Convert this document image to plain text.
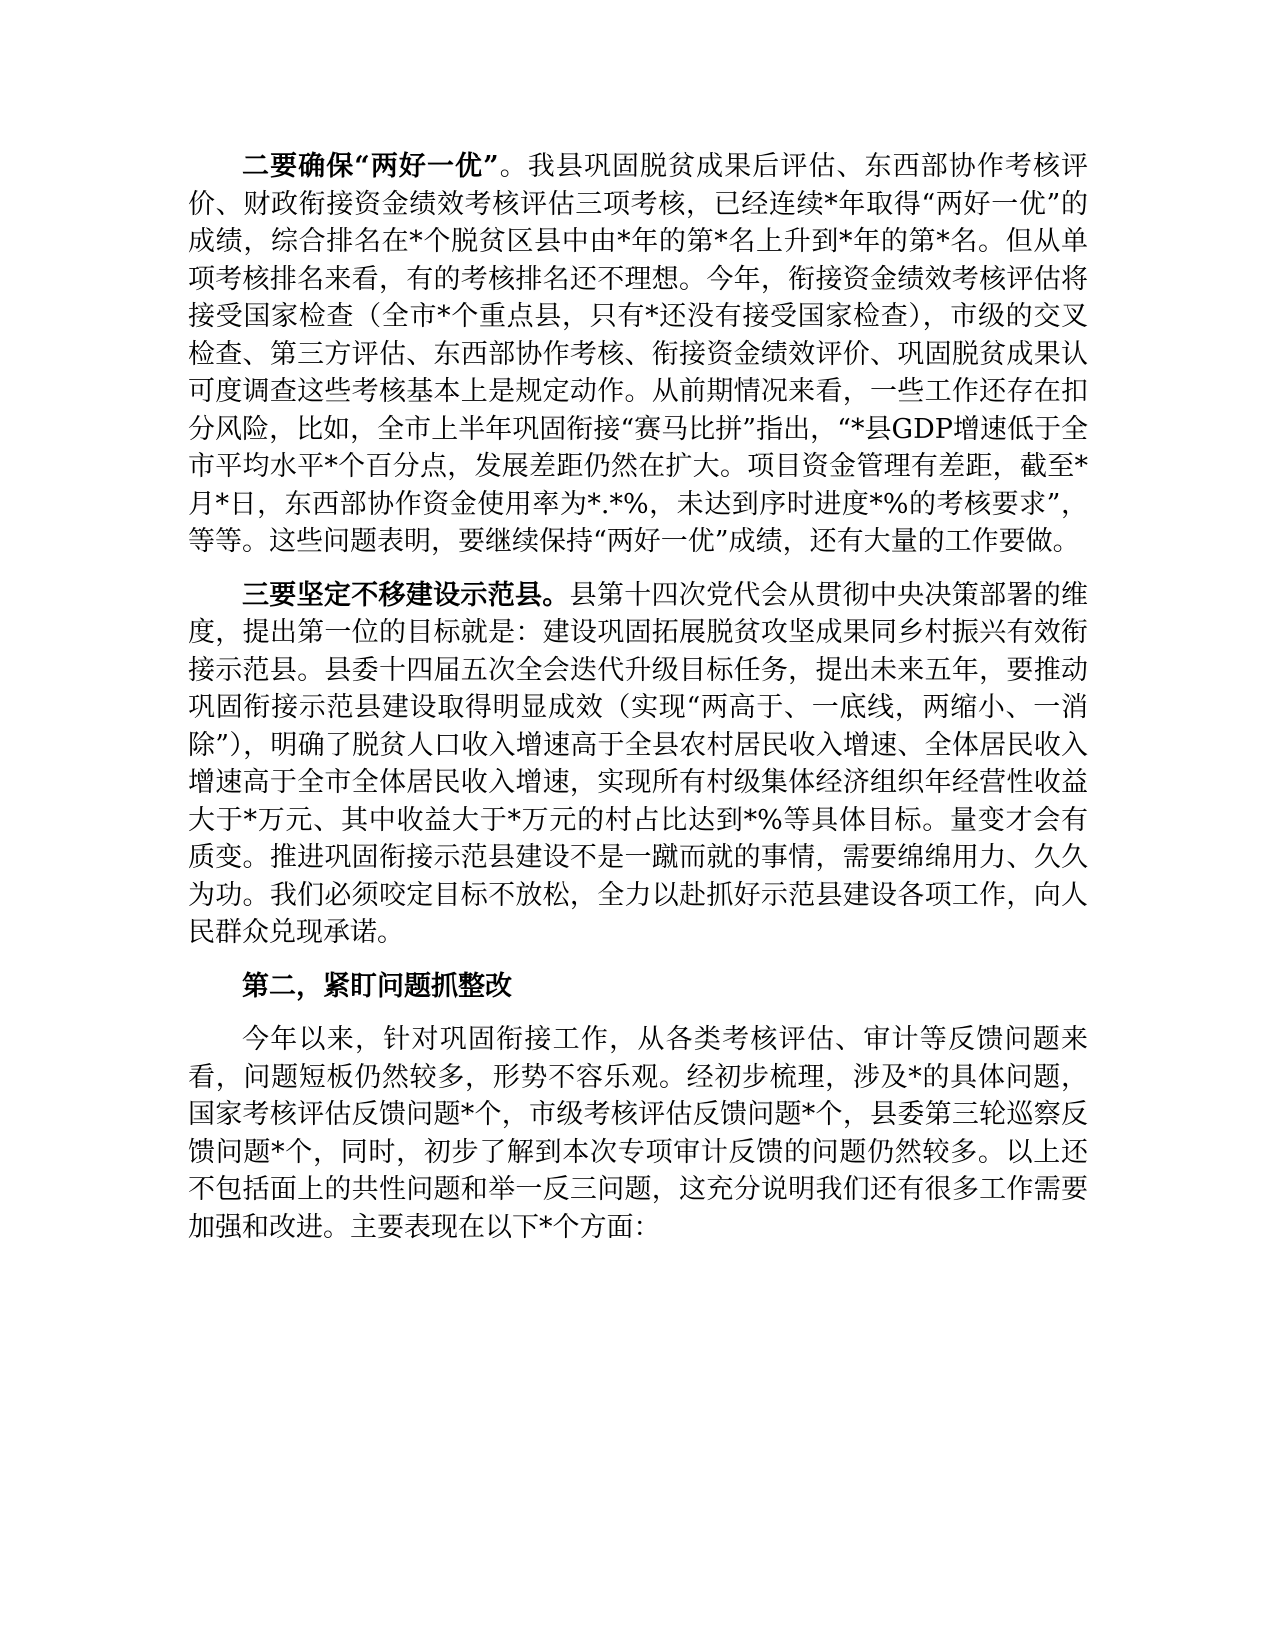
二要确保“两好一优”。我县巩固脱贫成果后评估、东西部协作考核评价、财政衔接资金绩效考核评估三项考核，已经连续*年取得“两好一优”的成绩，综合排名在*个脱贫区县中由*年的第*名上升到*年的第*名。但从单项考核排名来看，有的考核排名还不理想。今年，衔接资金绩效考核评估将接受国家检查（全市*个重点县，只有*还没有接受国家检查），市级的交叉检查、第三方评估、东西部协作考核、衔接资金绩效评价、巩固脱贫成果认可度调查这些考核基本上是规定动作。从前期情况来看，一些工作还存在扣分风险，比如，全市上半年巩固衔接“赛马比拼”指出，“*县GDP增速低于全市平均水平*个百分点，发展差距仍然在扩大。项目资金管理有差距，截至*月*日，东西部协作资金使用率为*.*%，未达到序时进度*%的考核要求”，等等。这些问题表明，要继续保持“两好一优”成绩，还有大量的工作要做。

三要坚定不移建设示范县。县第十四次党代会从贯彻中央决策部署的维度，提出第一位的目标就是：建设巩固拓展脱贫攻坚成果同乡村振兴有效衔接示范县。县委十四届五次全会迭代升级目标任务，提出未来五年，要推动巩固衔接示范县建设取得明显成效（实现“两高于、一底线，两缩小、一消除”），明确了脱贫人口收入增速高于全县农村居民收入增速、全体居民收入增速高于全市全体居民收入增速，实现所有村级集体经济组织年经营性收益大于*万元、其中收益大于*万元的村占比达到*%等具体目标。量变才会有质变。推进巩固衔接示范县建设不是一蹴而就的事情，需要绵绵用力、久久为功。我们必须咬定目标不放松，全力以赴抓好示范县建设各项工作，向人民群众兑现承诺。

第二，紧盯问题抓整改

今年以来，针对巩固衔接工作，从各类考核评估、审计等反馈问题来看，问题短板仍然较多，形势不容乐观。经初步梳理，涉及*的具体问题，国家考核评估反馈问题*个，市级考核评估反馈问题*个，县委第三轮巡察反馈问题*个，同时，初步了解到本次专项审计反馈的问题仍然较多。以上还不包括面上的共性问题和举一反三问题，这充分说明我们还有很多工作需要加强和改进。主要表现在以下*个方面：
